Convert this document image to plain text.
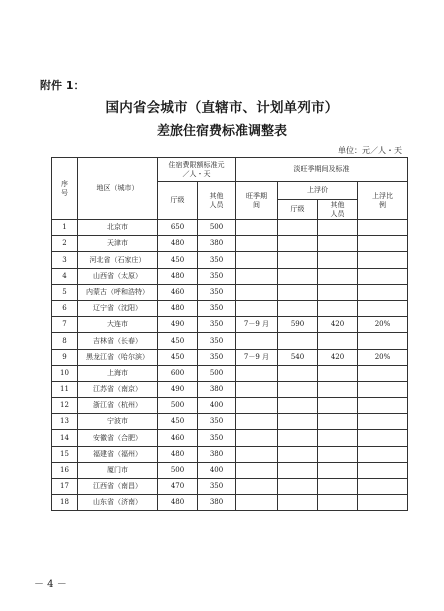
附件 1：
国内省会城市（直辖市、计划单列市）
差旅住宿费标准调整表
单位：元／人・天
序号	地区（城市）	住宿费限额标准元／人・天		淡旺季期间及标准			
		厅级	其他人员	旺季期间	上浮价		上浮比例
					厅级	其他人员	
1	北京市	650	500				
2	天津市	480	380				
3	河北省（石家庄）	450	350				
4	山西省（太原）	480	350				
5	内蒙古（呼和浩特）	460	350				
6	辽宁省（沈阳）	480	350				
7	大连市	490	350	7－9 月	590	420	20%
8	吉林省（长春）	450	350				
9	黑龙江省（哈尔滨）	450	350	7－9 月	540	420	20%
10	上海市	600	500				
11	江苏省（南京）	490	380				
12	浙江省（杭州）	500	400				
13	宁波市	450	350				
14	安徽省（合肥）	460	350				
15	福建省（福州）	480	380				
16	厦门市	500	400				
17	江西省（南昌）	470	350				
18	山东省（济南）	480	380				
－ 4 －
